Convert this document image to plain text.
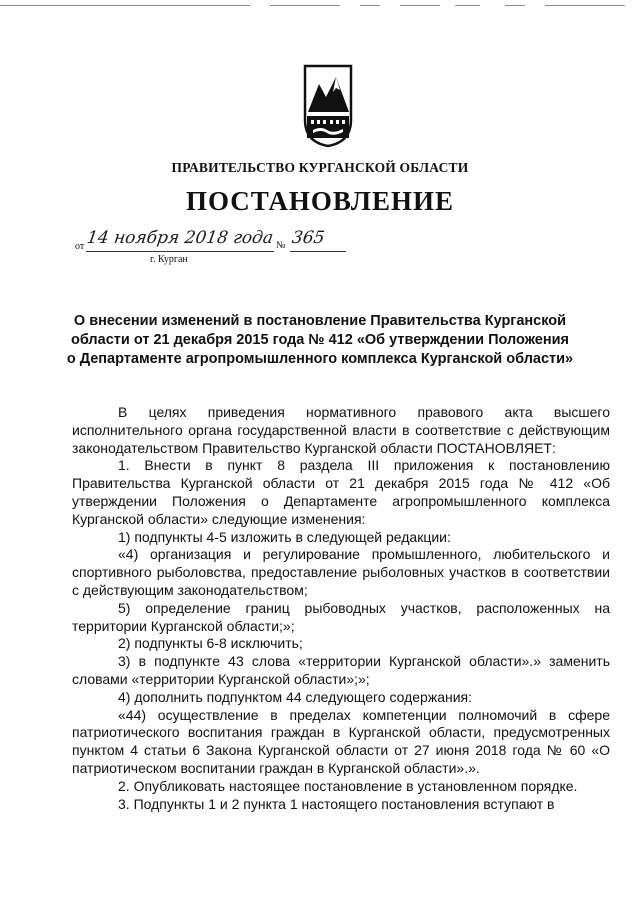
ПРАВИТЕЛЬСТВО КУРГАНСКОЙ ОБЛАСТИ
ПОСТАНОВЛЕНИЕ
от 14 ноября 2018 года № 365
г. Курган
О внесении изменений в постановление Правительства Курганской области от 21 декабря 2015 года № 412 «Об утверждении Положения о Департаменте агропромышленного комплекса Курганской области»

В целях приведения нормативного правового акта высшего исполнительного органа государственной власти в соответствие с действующим законодательством Правительство Курганской области ПОСТАНОВЛЯЕТ:

1. Внести в пункт 8 раздела III приложения к постановлению Правительства Курганской области от 21 декабря 2015 года № 412 «Об утверждении Положения о Департаменте агропромышленного комплекса Курганской области» следующие изменения:

1) подпункты 4-5 изложить в следующей редакции:

«4) организация и регулирование промышленного, любительского и спортивного рыболовства, предоставление рыболовных участков в соответствии с действующим законодательством;

5) определение границ рыбоводных участков, расположенных на территории Курганской области;»;

2) подпункты 6-8 исключить;

3) в подпункте 43 слова «территории Курганской области».» заменить словами «территории Курганской области»;»;

4) дополнить подпунктом 44 следующего содержания:

«44) осуществление в пределах компетенции полномочий в сфере патриотического воспитания граждан в Курганской области, предусмотренных пунктом 4 статьи 6 Закона Курганской области от 27 июня 2018 года № 60 «О патриотическом воспитании граждан в Курганской области».».

2. Опубликовать настоящее постановление в установленном порядке.

3. Подпункты 1 и 2 пункта 1 настоящего постановления вступают в
